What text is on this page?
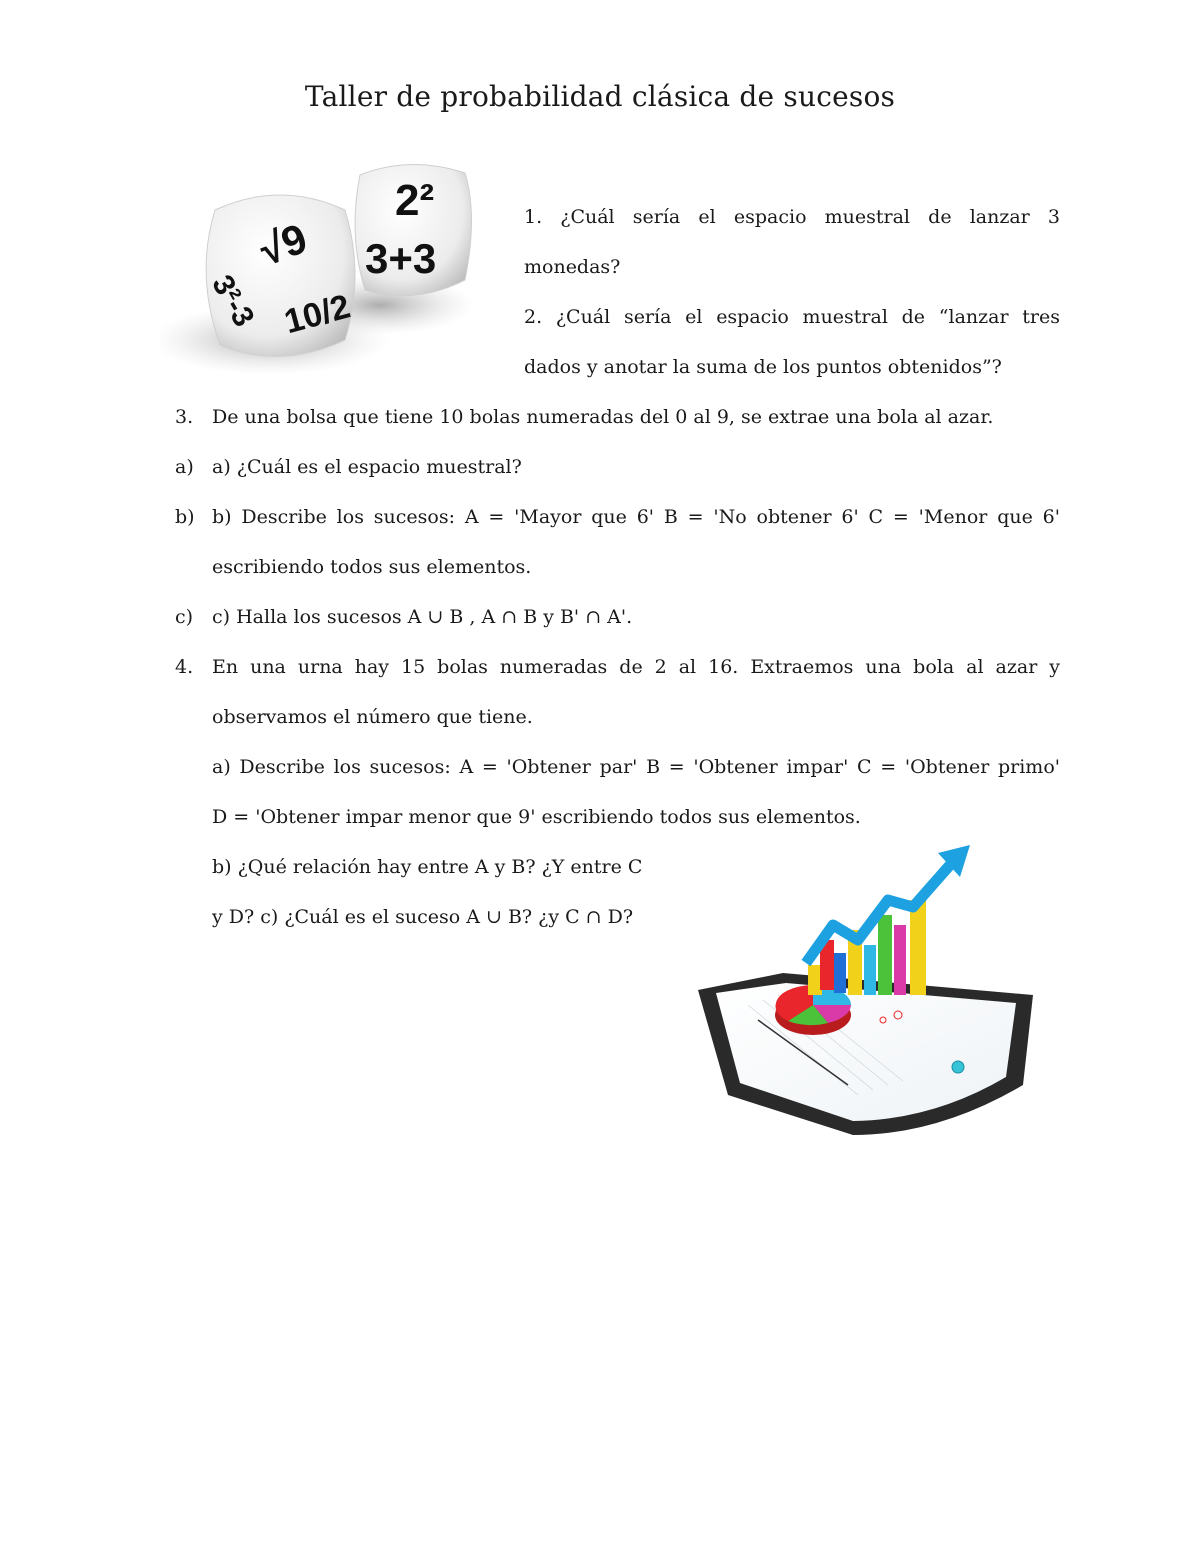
Taller de probabilidad clásica de sucesos
2²
3+3
√9
3²-3 10/2
1. ¿Cuál sería el espacio muestral de lanzar 3
monedas?
2. ¿Cuál sería el espacio muestral de “lanzar tres
dados y anotar la suma de los puntos obtenidos”?
3. De una bolsa que tiene 10 bolas numeradas del 0 al 9, se extrae una bola al azar.
a) a) ¿Cuál es el espacio muestral?
b) b) Describe los sucesos: A = 'Mayor que 6' B = 'No obtener 6' C = 'Menor que 6'
escribiendo todos sus elementos.
c) c) Halla los sucesos A ∪ B , A ∩ B y B' ∩ A'.
4. En una urna hay 15 bolas numeradas de 2 al 16. Extraemos una bola al azar y
observamos el número que tiene.
a) Describe los sucesos: A = 'Obtener par' B = 'Obtener impar' C = 'Obtener primo'
D = 'Obtener impar menor que 9' escribiendo todos sus elementos.
b) ¿Qué relación hay entre A y B? ¿Y entre C
y D? c) ¿Cuál es el suceso A ∪ B? ¿y C ∩ D?
